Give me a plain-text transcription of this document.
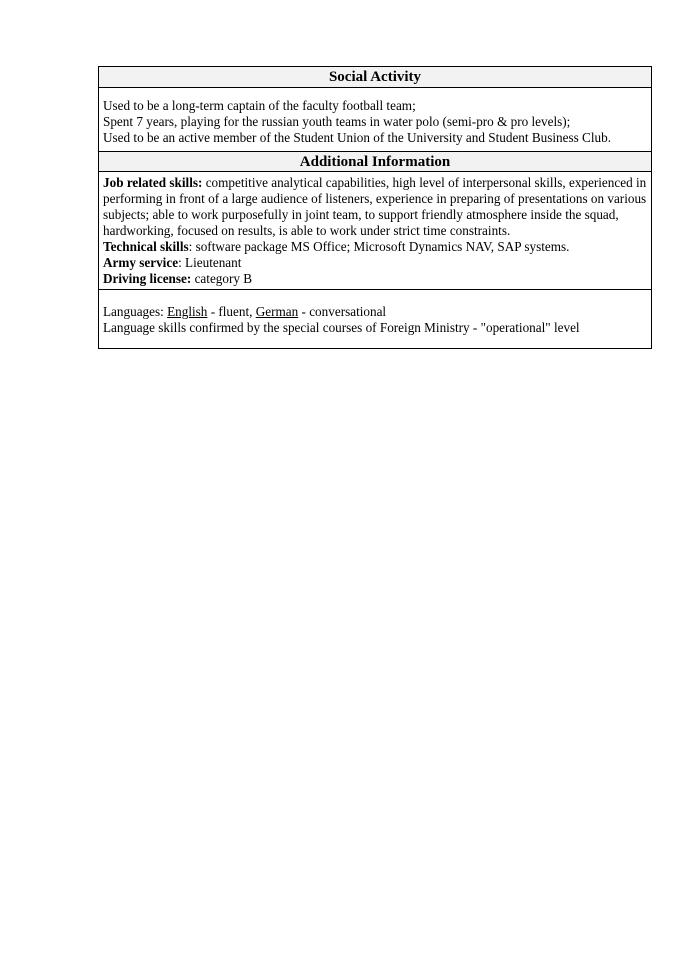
Social Activity
Used to be a long-term captain of the faculty football team;
Spent 7 years, playing for the russian youth teams in water polo (semi-pro & pro levels);
Used to be an active member of the Student Union of the University and Student Business Club.
Additional Information
Job related skills: competitive analytical capabilities, high level of interpersonal skills, experienced in performing in front of a large audience of listeners, experience in preparing of presentations on various subjects; able to work purposefully in joint team, to support friendly atmosphere inside the squad, hardworking, focused on results, is able to work under strict time constraints.
Technical skills: software package MS Office; Microsoft Dynamics NAV, SAP systems.
Army service: Lieutenant
Driving license: category B
Languages: English - fluent, German - conversational
Language skills confirmed by the special courses of Foreign Ministry - "operational" level
